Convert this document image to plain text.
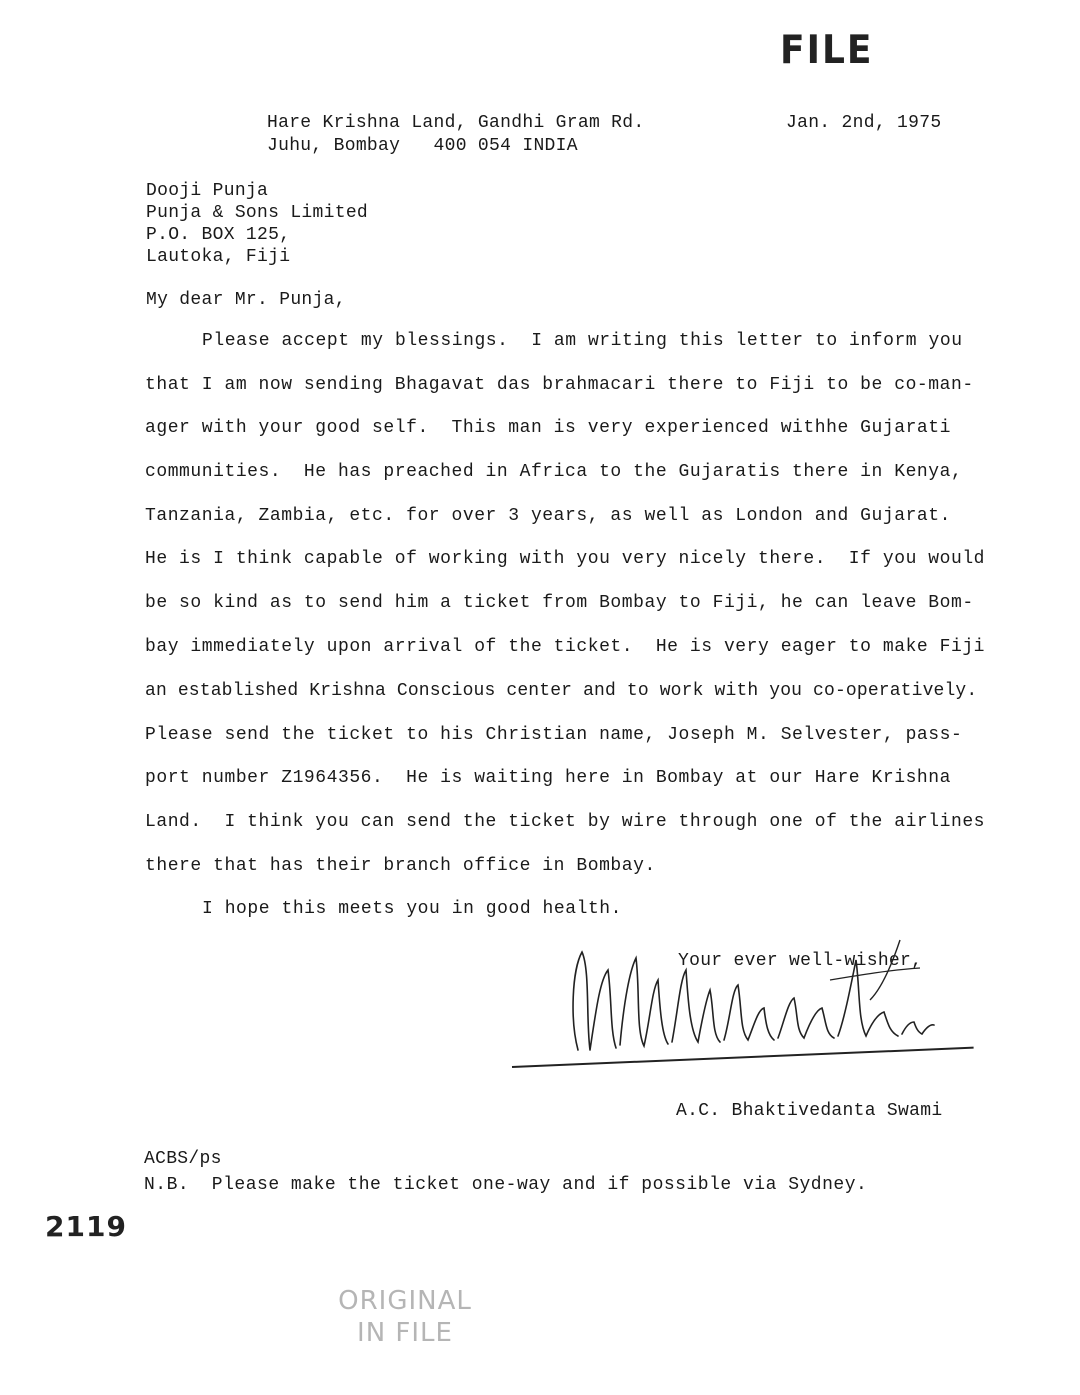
FILE
Hare Krishna Land, Gandhi Gram Rd.
Juhu, Bombay   400 054 INDIA
Jan. 2nd, 1975
Dooji Punja
Punja & Sons Limited
P.O. BOX 125,
Lautoka, Fiji
My dear Mr. Punja,
Please accept my blessings.  I am writing this letter to inform you
that I am now sending Bhagavat das brahmacari there to Fiji to be co-man-
ager with your good self.  This man is very experienced withhe Gujarati
communities.  He has preached in Africa to the Gujaratis there in Kenya,
Tanzania, Zambia, etc. for over 3 years, as well as London and Gujarat.
He is I think capable of working with you very nicely there.  If you would
be so kind as to send him a ticket from Bombay to Fiji, he can leave Bom-
bay immediately upon arrival of the ticket.  He is very eager to make Fiji
an established Krishna Conscious center and to work with you co-operatively.
Please send the ticket to his Christian name, Joseph M. Selvester, pass-
port number Z1964356.  He is waiting here in Bombay at our Hare Krishna
Land.  I think you can send the ticket by wire through one of the airlines
there that has their branch office in Bombay.
I hope this meets you in good health.
Your ever well-wisher,
A.C. Bhaktivedanta Swami
ACBS/ps
N.B.  Please make the ticket one-way and if possible via Sydney.
2119
ORIGINAL
IN FILE
